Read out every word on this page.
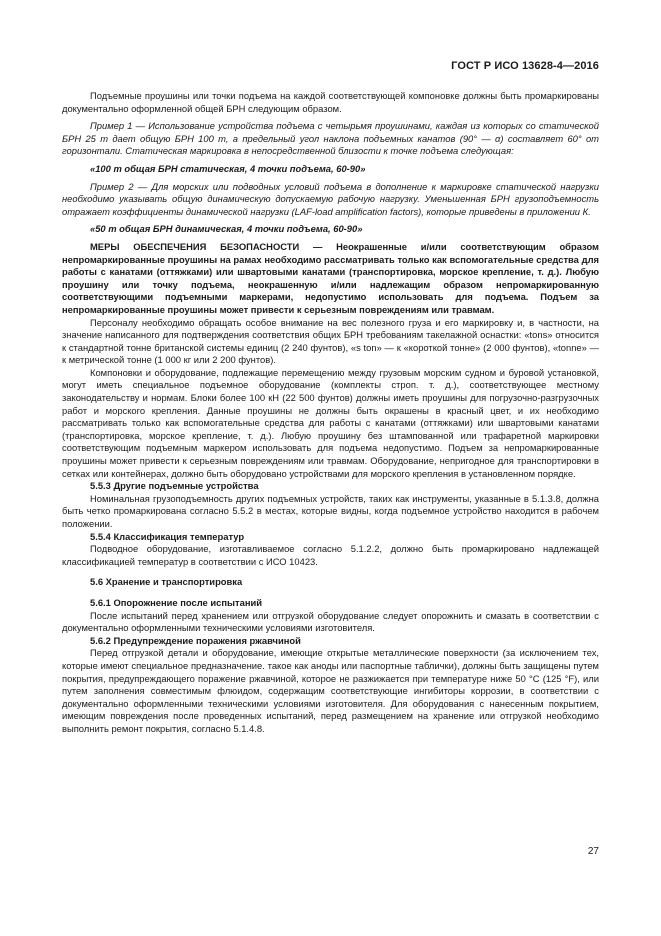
ГОСТ Р ИСО 13628-4—2016

Подъемные проушины или точки подъема на каждой соответствующей компоновке должны быть промаркированы документально оформленной общей БРН следующим образом.

Пример 1 — Использование устройства подъема с четырьмя проушинами, каждая из которых со статической БРН 25 т дает общую БРН 100 т, а предельный угол наклона подъемных канатов (90° — α) составляет 60° от горизонтали. Статическая маркировка в непосредственной близости к точке подъема следующая:

«100 т общая БРН статическая, 4 точки подъема, 60-90»

Пример 2 — Для морских или подводных условий подъема в дополнение к маркировке статической нагрузки необходимо указывать общую динамическую допускаемую рабочую нагрузку. Уменьшенная БРН грузоподъемность отражает коэффициенты динамической нагрузки (LAF-load amplification factors), которые приведены в приложении К.

«50 т общая БРН динамическая, 4 точки подъема, 60-90»

МЕРЫ ОБЕСПЕЧЕНИЯ БЕЗОПАСНОСТИ — Неокрашенные и/или соответствующим образом непромаркированные проушины на рамах необходимо рассматривать только как вспомогательные средства для работы с канатами (оттяжками) или швартовыми канатами (транспортировка, морское крепление, т. д.). Любую проушину или точку подъема, неокрашенную и/или надлежащим образом непромаркированную соответствующими подъемными маркерами, недопустимо использовать для подъема. Подъем за непромаркированные проушины может привести к серьезным повреждениям или травмам.

Персоналу необходимо обращать особое внимание на вес полезного груза и его маркировку и, в частности, на значение написанного для подтверждения соответствия общих БРН требованиям такелажной оснастки: «tons» относится к стандартной тонне британской системы единиц (2 240 фунтов), «s ton» — к «короткой тонне» (2 000 фунтов), «tonne» — к метрической тонне (1 000 кг или 2 200 фунтов).

Компоновки и оборудование, подлежащие перемещению между грузовым морским судном и буровой установкой, могут иметь специальное подъемное оборудование (комплекты строп. т. д.), соответствующее местному законодательству и нормам. Блоки более 100 кН (22 500 фунтов) должны иметь проушины для погрузочно-разгрузочных работ и морского крепления. Данные проушины не должны быть окрашены в красный цвет, и их необходимо рассматривать только как вспомогательные средства для работы с канатами (оттяжками) или швартовыми канатами (транспортировка, морское крепление, т. д.). Любую проушину без штампованной или трафаретной маркировки соответствующим подъемным маркером использовать для подъема недопустимо. Подъем за непромаркированные проушины может привести к серьезным повреждениям или травмам. Оборудование, непригодное для транспортировки в сетках или контейнерах, должно быть оборудовано устройствами для морского крепления в установленном порядке.

5.5.3 Другие подъемные устройства

Номинальная грузоподъемность других подъемных устройств, таких как инструменты, указанные в 5.1.3.8, должна быть четко промаркирована согласно 5.5.2 в местах, которые видны, когда подъемное устройство находится в рабочем положении.

5.5.4 Классификация температур

Подводное оборудование, изготавливаемое согласно 5.1.2.2, должно быть промаркировано надлежащей классификацией температур в соответствии с ИСО 10423.

5.6 Хранение и транспортировка

5.6.1 Опорожнение после испытаний

После испытаний перед хранением или отгрузкой оборудование следует опорожнить и смазать в соответствии с документально оформленными техническими условиями изготовителя.

5.6.2 Предупреждение поражения ржавчиной

Перед отгрузкой детали и оборудование, имеющие открытые металлические поверхности (за исключением тех, которые имеют специальное предназначение. такое как аноды или паспортные таблички), должны быть защищены путем покрытия, предупреждающего поражение ржавчиной, которое не разжижается при температуре ниже 50 °С (125 °F), или путем заполнения совместимым флюидом, содержащим соответствующие ингибиторы коррозии, в соответствии с документально оформленными техническими условиями изготовителя. Для оборудования с нанесенным покрытием, имеющим повреждения после проведенных испытаний, перед размещением на хранение или отгрузкой необходимо выполнить ремонт покрытия, согласно 5.1.4.8.

27
